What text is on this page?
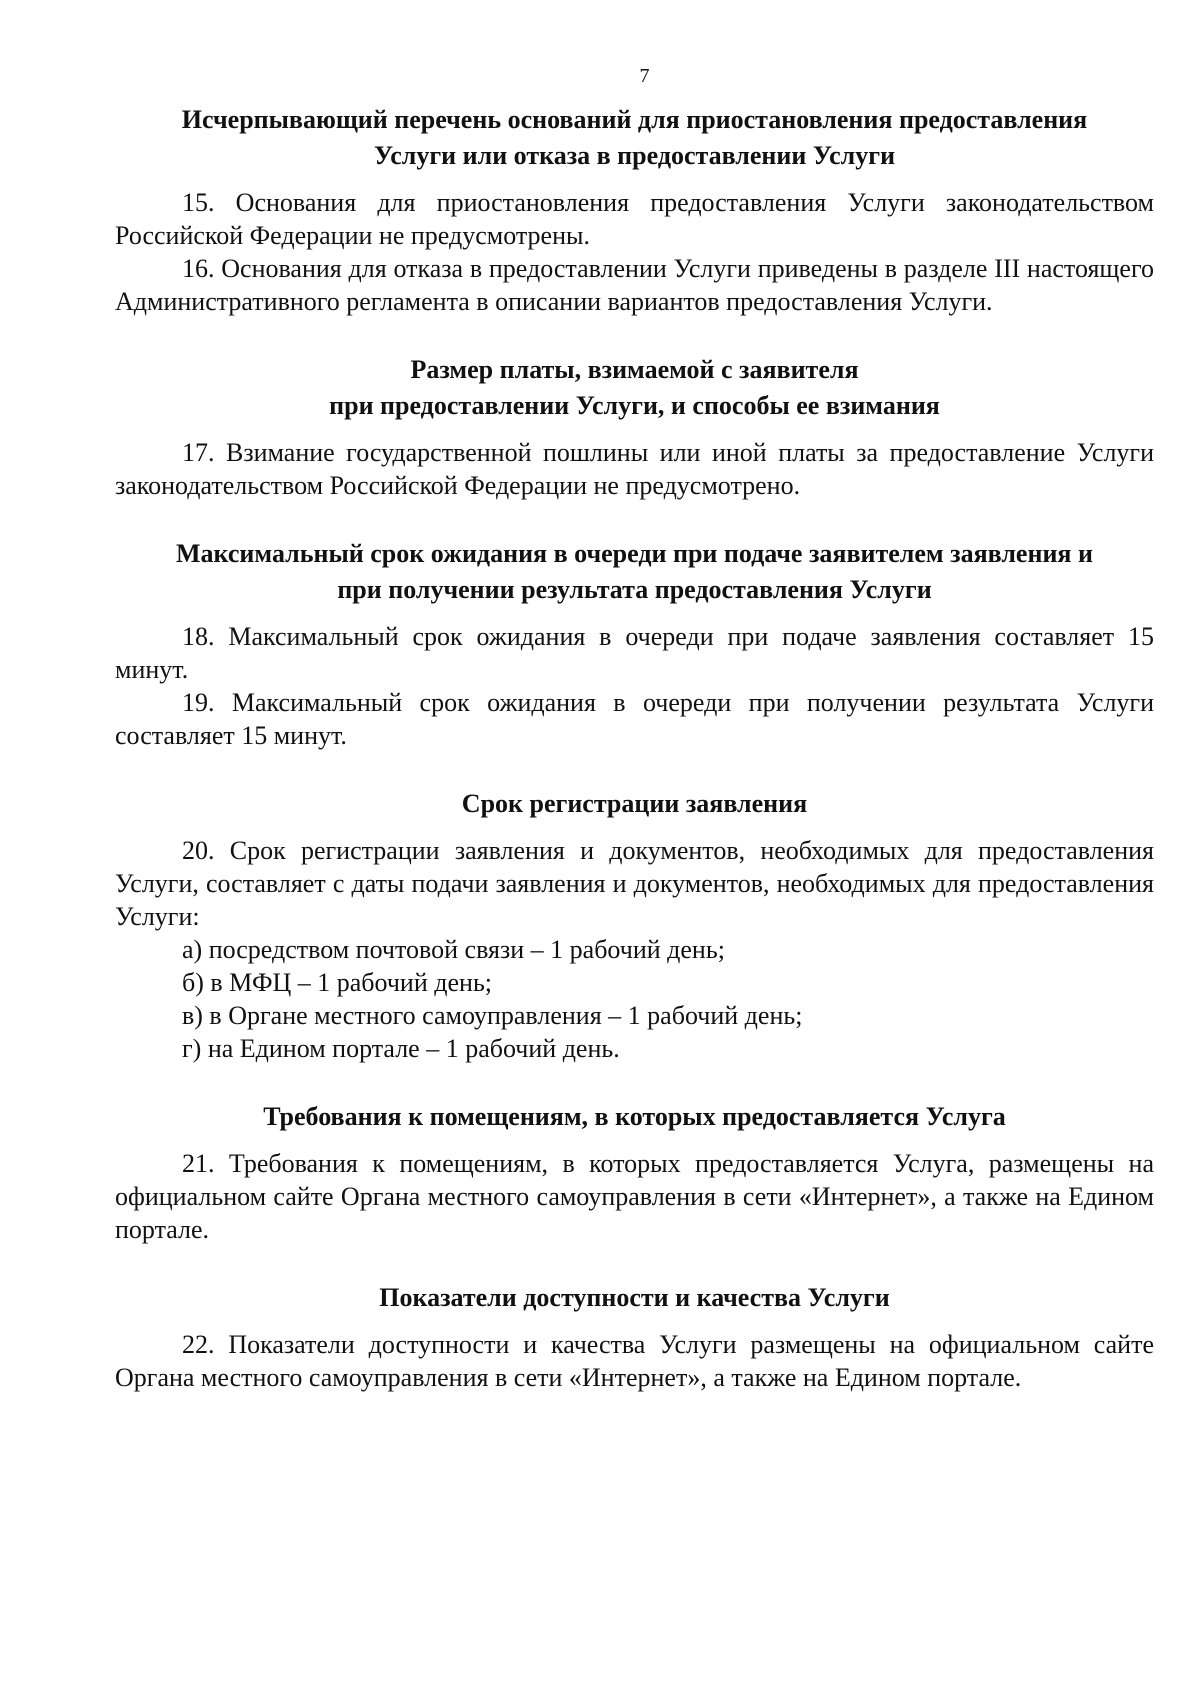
7
Исчерпывающий перечень оснований для приостановления предоставления
Услуги или отказа в предоставлении Услуги

15. Основания для приостановления предоставления Услуги законодательством Российской Федерации не предусмотрены.

16. Основания для отказа в предоставлении Услуги приведены в разделе III настоящего Административного регламента в описании вариантов предоставления Услуги.

Размер платы, взимаемой с заявителя
при предоставлении Услуги, и способы ее взимания

17. Взимание государственной пошлины или иной платы за предоставление Услуги законодательством Российской Федерации не предусмотрено.

Максимальный срок ожидания в очереди при подаче заявителем заявления и
при получении результата предоставления Услуги

18. Максимальный срок ожидания в очереди при подаче заявления составляет 15 минут.

19. Максимальный срок ожидания в очереди при получении результата Услуги составляет 15 минут.

Срок регистрации заявления

20. Срок регистрации заявления и документов, необходимых для предоставления Услуги, составляет с даты подачи заявления и документов, необходимых для предоставления Услуги:

а) посредством почтовой связи – 1 рабочий день;

б) в МФЦ – 1 рабочий день;

в) в Органе местного самоуправления – 1 рабочий день;

г) на Едином портале – 1 рабочий день.

Требования к помещениям, в которых предоставляется Услуга

21. Требования к помещениям, в которых предоставляется Услуга, размещены на официальном сайте Органа местного самоуправления в сети «Интернет», а также на Едином портале.

Показатели доступности и качества Услуги

22. Показатели доступности и качества Услуги размещены на официальном сайте Органа местного самоуправления в сети «Интернет», а также на Едином портале.
